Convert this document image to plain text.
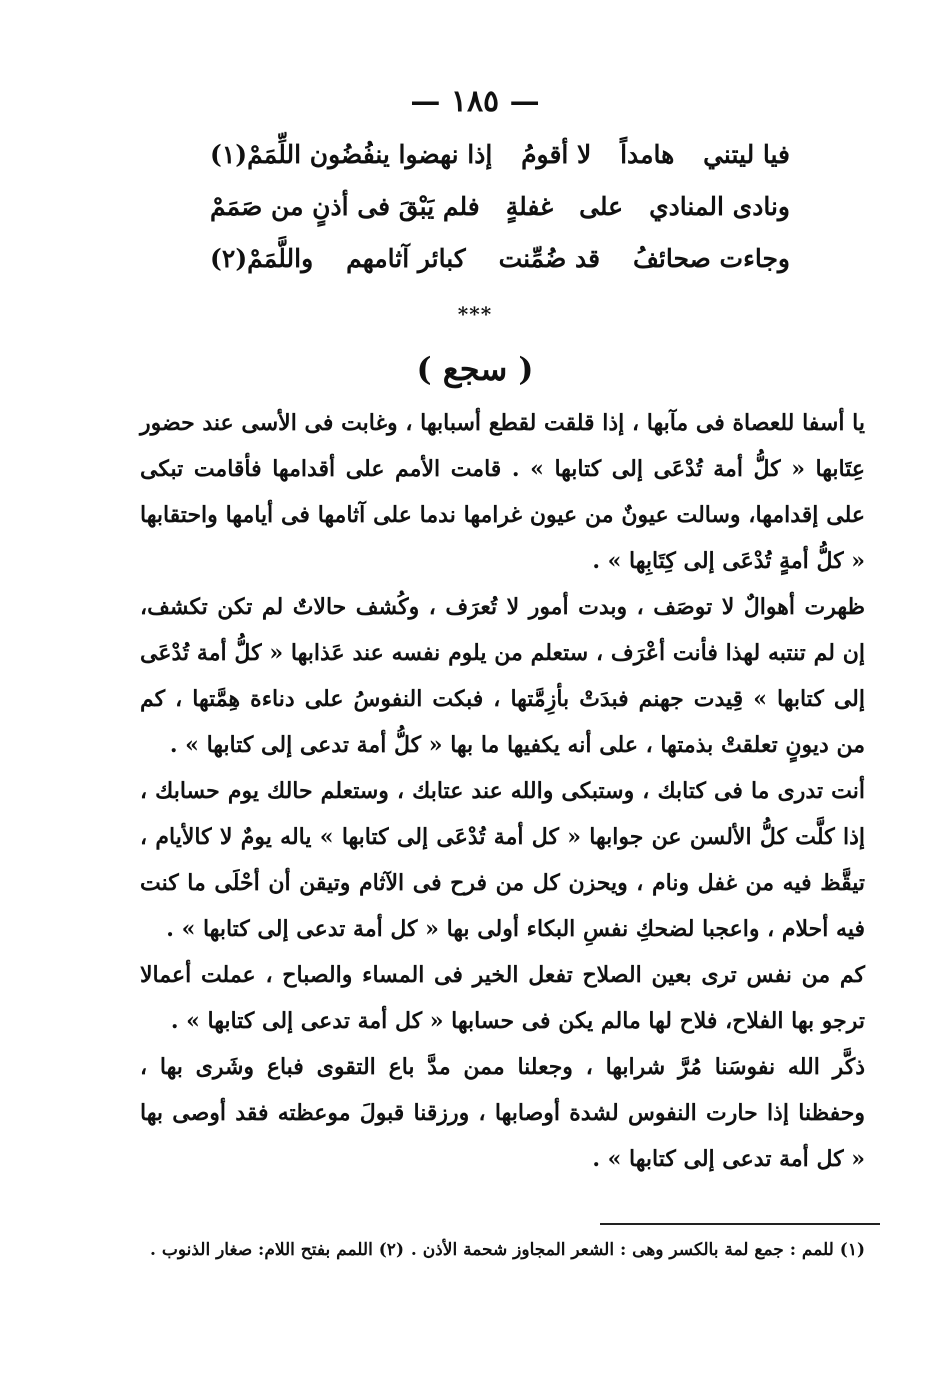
— ١٨٥ —
فيا ليتني
هامداً
لا أقومُ
إذا نهضوا ينفُضُون اللِّمَمْ(١)
ونادى المنادي
على
غفلةٍ
فلم يَبْقَ فى أذنٍ من صَمَمْ
وجاءت صحائفُ
قد ضُمِّنت
كبائر آثامهم
واللَّمَمْ(٢)
***
( سجع )

يا أسفا للعصاة فى مآبها ، إذا قلقت لقطع أسبابها ، وغابت فى الأسى عند حضور عِتَابها « كلُّ أمة تُدْعَى إلى كتابها » . قامت الأمم على أقدامها فأقامت تبكى على إقدامها، وسالت عيونٌ من عيون غرامها ندما على آثامها فى أيامها واحتقابها « كلُّ أمةٍ تُدْعَى إلى كِتَابِها » .

ظهرت أهوالٌ لا توصَف ، وبدت أمور لا تُعرَف ، وكُشف حالاتٌ لم تكن تكشف، إن لم تنتبه لهذا فأنت أعْرَف ، ستعلم من يلوم نفسه عند عَذابها « كلُّ أمة تُدْعَى إلى كتابها » قِيدت جهنم فبدَتْ بأزِمَّتها ، فبكت النفوسُ على دناءة هِمَّتها ، كم من ديونٍ تعلقتْ بذمتها ، على أنه يكفيها ما بها « كلُّ أمة تدعى إلى كتابها » .

أنت تدرى ما فى كتابك ، وستبكى والله عند عتابك ، وستعلم حالك يوم حسابك ، إذا كلَّت كلُّ الألسن عن جوابها « كل أمة تُدْعَى إلى كتابها » ياله يومٌ لا كالأيام ، تيقَّظ فيه من غفل ونام ، ويحزن كل من فرح فى الآثام وتيقن أن أحْلَى ما كنت فيه أحلام ، واعجبا لضحكِ نفسِ البكاء أولى بها « كل أمة تدعى إلى كتابها » .

كم من نفس ترى بعين الصلاح تفعل الخير فى المساء والصباح ، عملت أعمالا ترجو بها الفلاح، فلاح لها مالم يكن فى حسابها « كل أمة تدعى إلى كتابها » .

ذكَّر الله نفوسَنا مُرَّ شرابها ، وجعلنا ممن مدَّ باع التقوى فباع وشَرى بها ، وحفظنا إذا حارت النفوس لشدة أوصابها ، ورزقنا قبولَ موعظته فقد أوصى بها « كل أمة تدعى إلى كتابها » .

(١) للمم : جمع لمة بالكسر وهى : الشعر المجاوز شحمة الأذن .
(٢) اللمم بفتح اللام: صغار الذنوب .
